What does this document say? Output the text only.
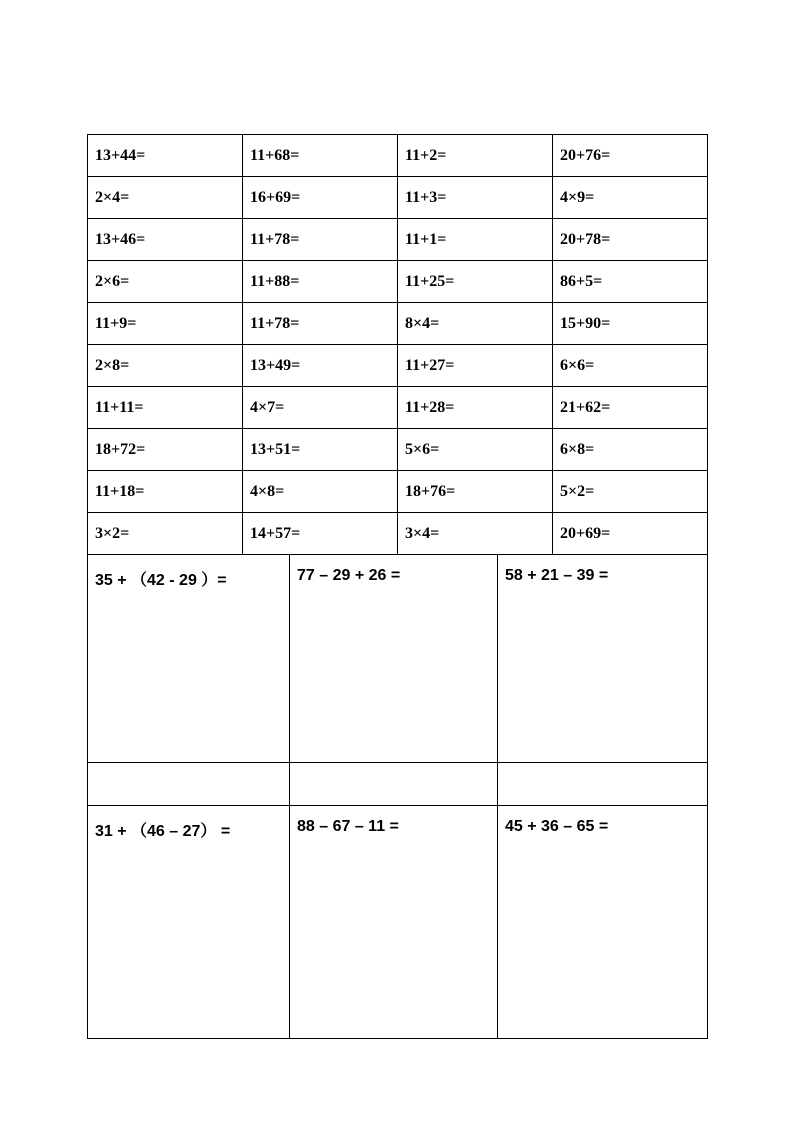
13+44=	11+68=	11+2=	20+76=
2×4=	16+69=	11+3=	4×9=
13+46=	11+78=	11+1=	20+78=
2×6=	11+88=	11+25=	86+5=
11+9=	11+78=	8×4=	15+90=
2×8=	13+49=	11+27=	6×6=
11+11=	4×7=	11+28=	21+62=
18+72=	13+51=	5×6=	6×8=
11+18=	4×8=	18+76=	5×2=
3×2=	14+57=	3×4=	20+69=
35 + （42 - 29 ）=	77 – 29 + 26 =	58 + 21 – 39 =

31 + （46 – 27） =	88 – 67 – 11 =	45 + 36 – 65 =
